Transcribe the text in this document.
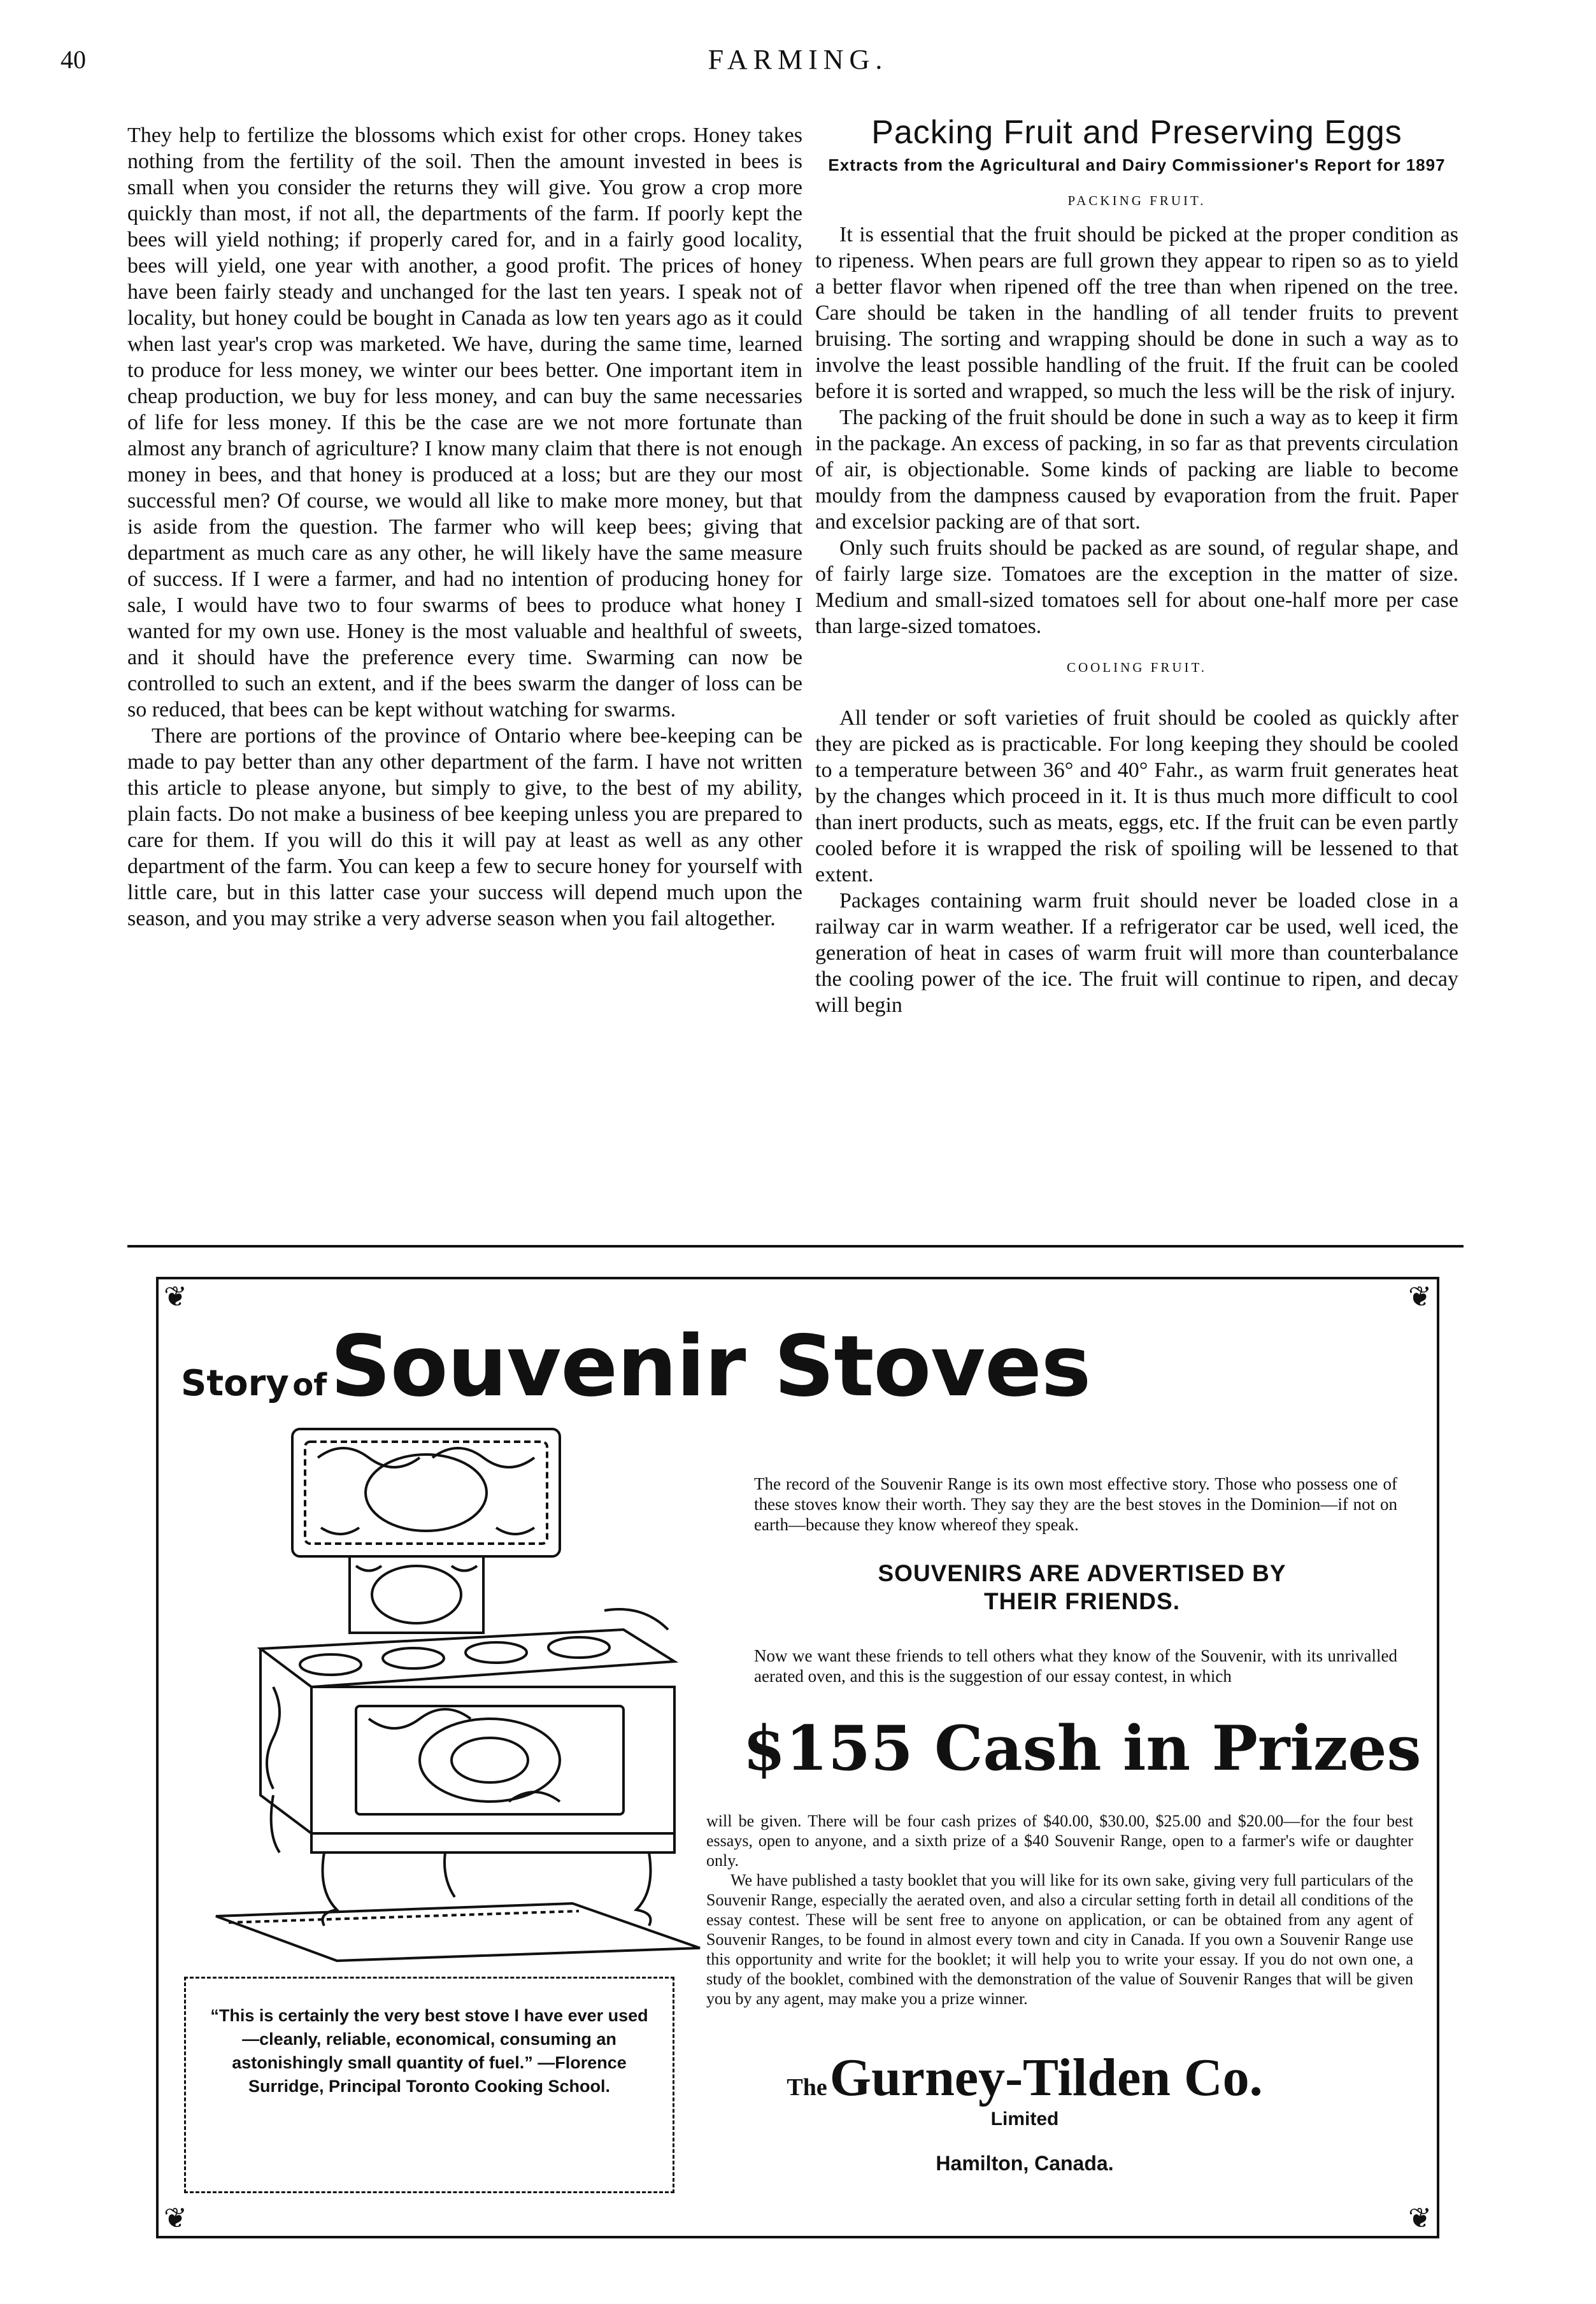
40	FARMING.

They help to fertilize the blossoms which exist for other crops. Honey takes nothing from the fertility of the soil. Then the amount invested in bees is small when you consider the returns they will give. You grow a crop more quickly than most, if not all, the departments of the farm. If poorly kept the bees will yield nothing; if properly cared for, and in a fairly good locality, bees will yield, one year with another, a good profit. The prices of honey have been fairly steady and unchanged for the last ten years. I speak not of locality, but honey could be bought in Canada as low ten years ago as it could when last year's crop was marketed. We have, during the same time, learned to produce for less money, we winter our bees better. One important item in cheap production, we buy for less money, and can buy the same necessaries of life for less money. If this be the case are we not more fortunate than almost any branch of agriculture? I know many claim that there is not enough money in bees, and that honey is produced at a loss; but are they our most successful men? Of course, we would all like to make more money, but that is aside from the question. The farmer who will keep bees; giving that department as much care as any other, he will likely have the same measure of success. If I were a farmer, and had no intention of producing honey for sale, I would have two to four swarms of bees to produce what honey I wanted for my own use. Honey is the most valuable and healthful of sweets, and it should have the preference every time. Swarming can now be controlled to such an extent, and if the bees swarm the danger of loss can be so reduced, that bees can be kept without watching for swarms.

There are portions of the province of Ontario where bee-keeping can be made to pay better than any other department of the farm. I have not written this article to please anyone, but simply to give, to the best of my ability, plain facts. Do not make a business of bee keeping unless you are prepared to care for them. If you will do this it will pay at least as well as any other department of the farm. You can keep a few to secure honey for yourself with little care, but in this latter case your success will depend much upon the season, and you may strike a very adverse season when you fail altogether.

Packing Fruit and Preserving Eggs
Extracts from the Agricultural and Dairy Commissioner's Report for 1897
PACKING FRUIT.

It is essential that the fruit should be picked at the proper condition as to ripeness. When pears are full grown they appear to ripen so as to yield a better flavor when ripened off the tree than when ripened on the tree. Care should be taken in the handling of all tender fruits to prevent bruising. The sorting and wrapping should be done in such a way as to involve the least possible handling of the fruit. If the fruit can be cooled before it is sorted and wrapped, so much the less will be the risk of injury.

The packing of the fruit should be done in such a way as to keep it firm in the package. An excess of packing, in so far as that prevents circulation of air, is objectionable. Some kinds of packing are liable to become mouldy from the dampness caused by evaporation from the fruit. Paper and excelsior packing are of that sort.

Only such fruits should be packed as are sound, of regular shape, and of fairly large size. Tomatoes are the exception in the matter of size. Medium and small-sized tomatoes sell for about one-half more per case than large-sized tomatoes.

COOLING FRUIT.

All tender or soft varieties of fruit should be cooled as quickly after they are picked as is practicable. For long keeping they should be cooled to a temperature between 36° and 40° Fahr., as warm fruit generates heat by the changes which proceed in it. It is thus much more difficult to cool than inert products, such as meats, eggs, etc. If the fruit can be even partly cooled before it is wrapped the risk of spoiling will be lessened to that extent.

Packages containing warm fruit should never be loaded close in a railway car in warm weather. If a refrigerator car be used, well iced, the generation of heat in cases of warm fruit will more than counterbalance the cooling power of the ice. The fruit will continue to ripen, and decay will begin

❦	❦
❦	❦
Story of Souvenir Stoves
The record of the Souvenir Range is its own most effective story. Those who possess one of these stoves know their worth. They say they are the best stoves in the Dominion—if not on earth—because they know whereof they speak.
SOUVENIRS ARE ADVERTISED BY THEIR FRIENDS.
Now we want these friends to tell others what they know of the Souvenir, with its unrivalled aerated oven, and this is the suggestion of our essay contest, in which
$155 Cash in Prizes
will be given. There will be four cash prizes of $40.00, $30.00, $25.00 and $20.00—for the four best essays, open to anyone, and a sixth prize of a $40 Souvenir Range, open to a farmer's wife or daughter only.
We have published a tasty booklet that you will like for its own sake, giving very full particulars of the Souvenir Range, especially the aerated oven, and also a circular setting forth in detail all conditions of the essay contest. These will be sent free to anyone on application, or can be obtained from any agent of Souvenir Ranges, to be found in almost every town and city in Canada. If you own a Souvenir Range use this opportunity and write for the booklet; it will help you to write your essay. If you do not own one, a study of the booklet, combined with the demonstration of the value of Souvenir Ranges that will be given you by any agent, may make you a prize winner.
“This is certainly the very best stove I have ever used—cleanly, reliable, economical, consuming an astonishingly small quantity of fuel.” —Florence Surridge, Principal Toronto Cooking School.	The Gurney-Tilden Co.
Limited
Hamilton, Canada.
